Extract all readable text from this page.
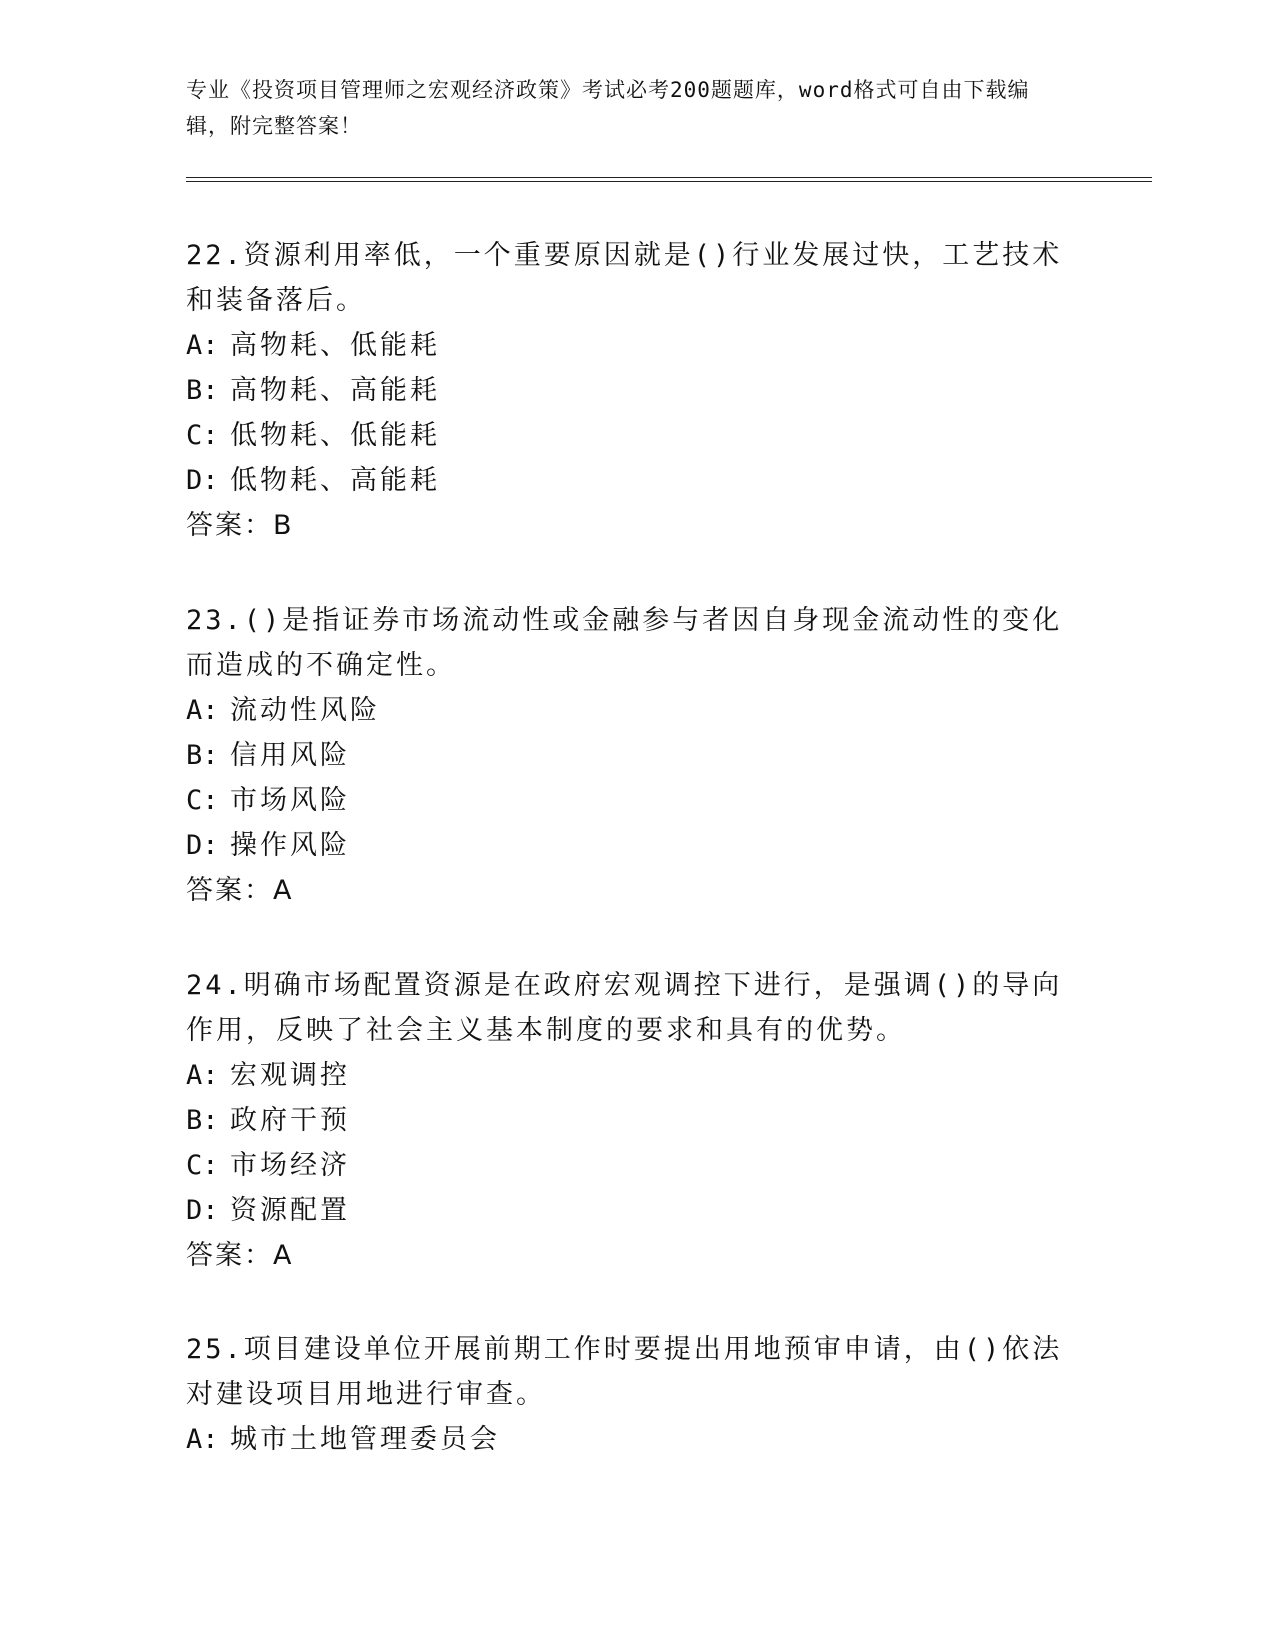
专业《投资项目管理师之宏观经济政策》考试必考200题题库，word格式可自由下载编辑，附完整答案！

22.资源利用率低，一个重要原因就是()行业发展过快，工艺技术和装备落后。

A: 高物耗、低能耗

B: 高物耗、高能耗

C: 低物耗、低能耗

D: 低物耗、高能耗

答案：B

23.()是指证券市场流动性或金融参与者因自身现金流动性的变化而造成的不确定性。

A: 流动性风险

B: 信用风险

C: 市场风险

D: 操作风险

答案：A

24.明确市场配置资源是在政府宏观调控下进行，是强调()的导向作用，反映了社会主义基本制度的要求和具有的优势。

A: 宏观调控

B: 政府干预

C: 市场经济

D: 资源配置

答案：A

25.项目建设单位开展前期工作时要提出用地预审申请，由()依法对建设项目用地进行审查。

A: 城市土地管理委员会
